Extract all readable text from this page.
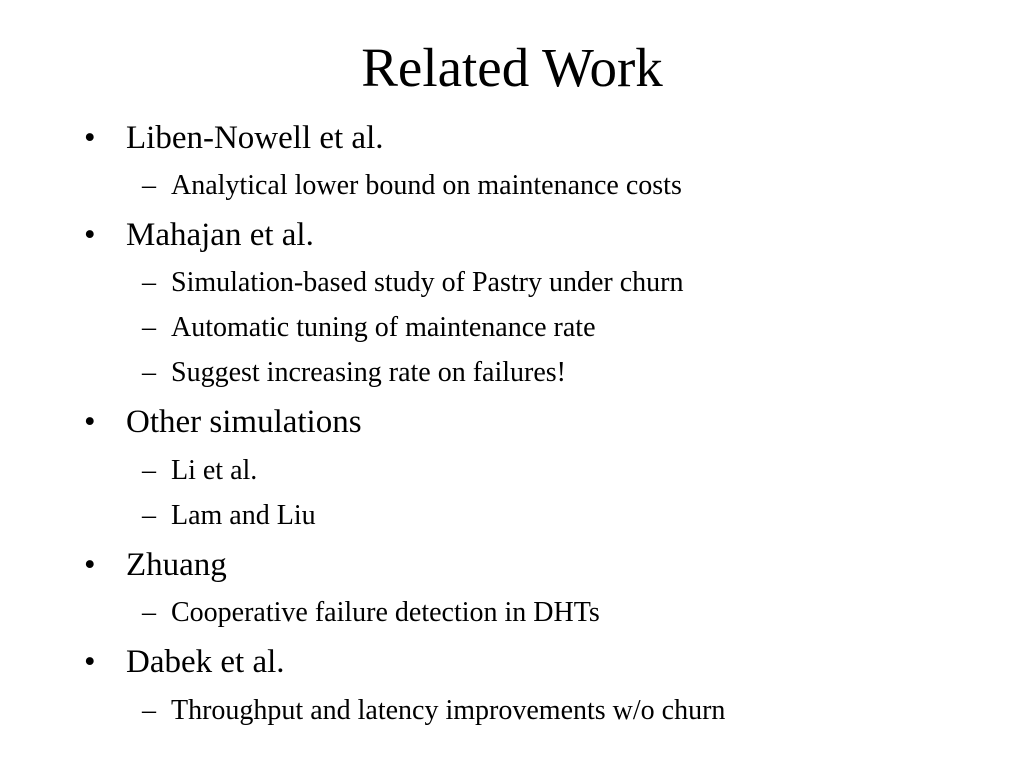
Related Work
• Liben-Nowell et al.
– Analytical lower bound on maintenance costs
• Mahajan et al.
– Simulation-based study of Pastry under churn
– Automatic tuning of maintenance rate
– Suggest increasing rate on failures!
• Other simulations
– Li et al.
– Lam and Liu
• Zhuang
– Cooperative failure detection in DHTs
• Dabek et al.
– Throughput and latency improvements w/o churn
